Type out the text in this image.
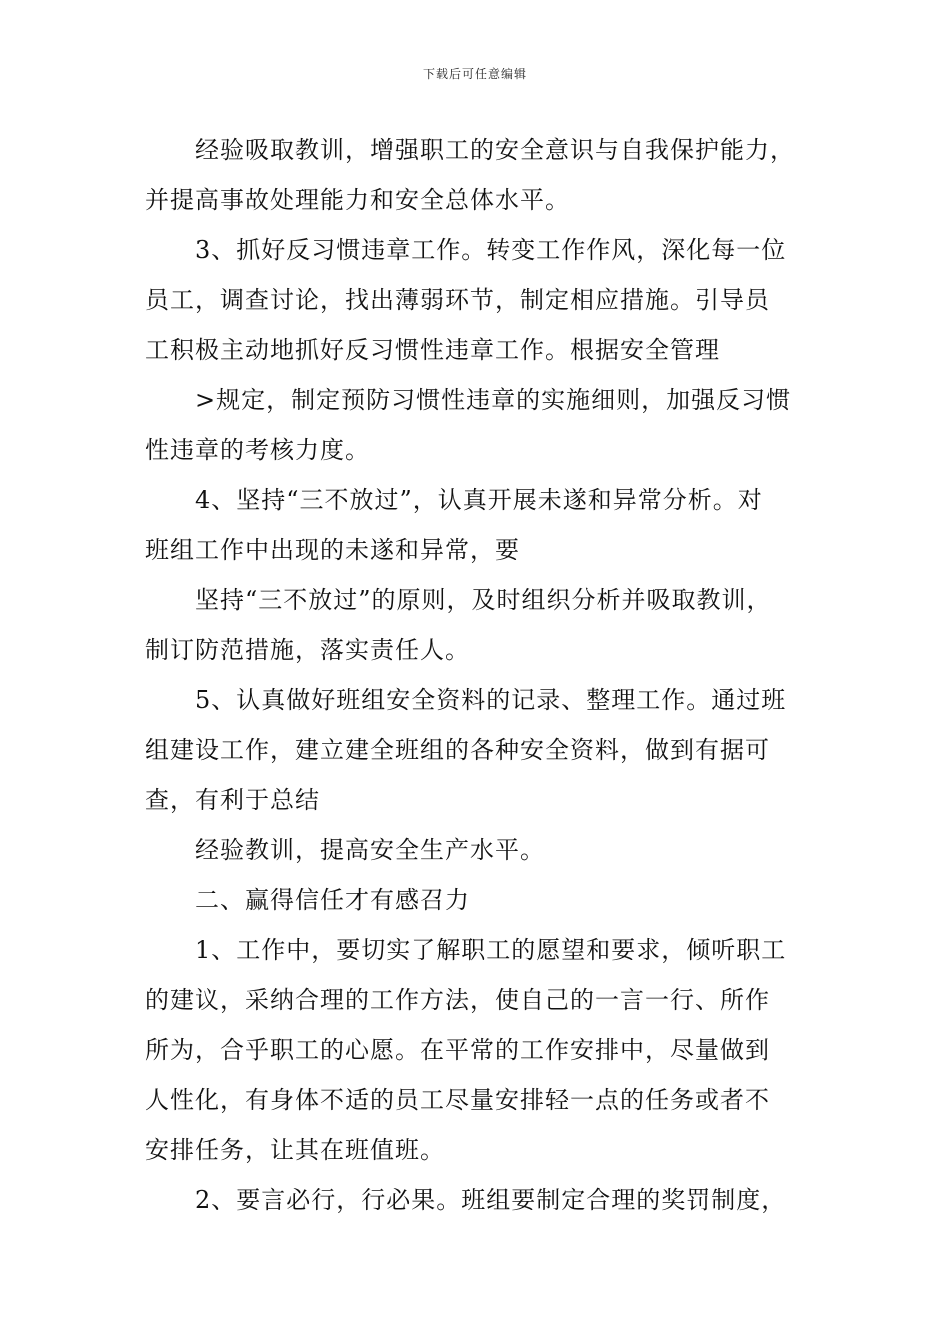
下载后可任意编辑
经验吸取教训，增强职工的安全意识与自我保护能力，
并提高事故处理能力和安全总体水平。
3、抓好反习惯违章工作。转变工作作风，深化每一位
员工，调查讨论，找出薄弱环节，制定相应措施。引导员
工积极主动地抓好反习惯性违章工作。根据安全管理
>规定，制定预防习惯性违章的实施细则，加强反习惯
性违章的考核力度。
4、坚持“三不放过”，认真开展未遂和异常分析。对
班组工作中出现的未遂和异常，要
坚持“三不放过”的原则，及时组织分析并吸取教训，
制订防范措施，落实责任人。
5、认真做好班组安全资料的记录、整理工作。通过班
组建设工作，建立建全班组的各种安全资料，做到有据可
查，有利于总结
经验教训，提高安全生产水平。
二、赢得信任才有感召力
1、工作中，要切实了解职工的愿望和要求，倾听职工
的建议，采纳合理的工作方法，使自己的一言一行、所作
所为，合乎职工的心愿。在平常的工作安排中，尽量做到
人性化，有身体不适的员工尽量安排轻一点的任务或者不
安排任务，让其在班值班。
2、要言必行，行必果。班组要制定合理的奖罚制度，
